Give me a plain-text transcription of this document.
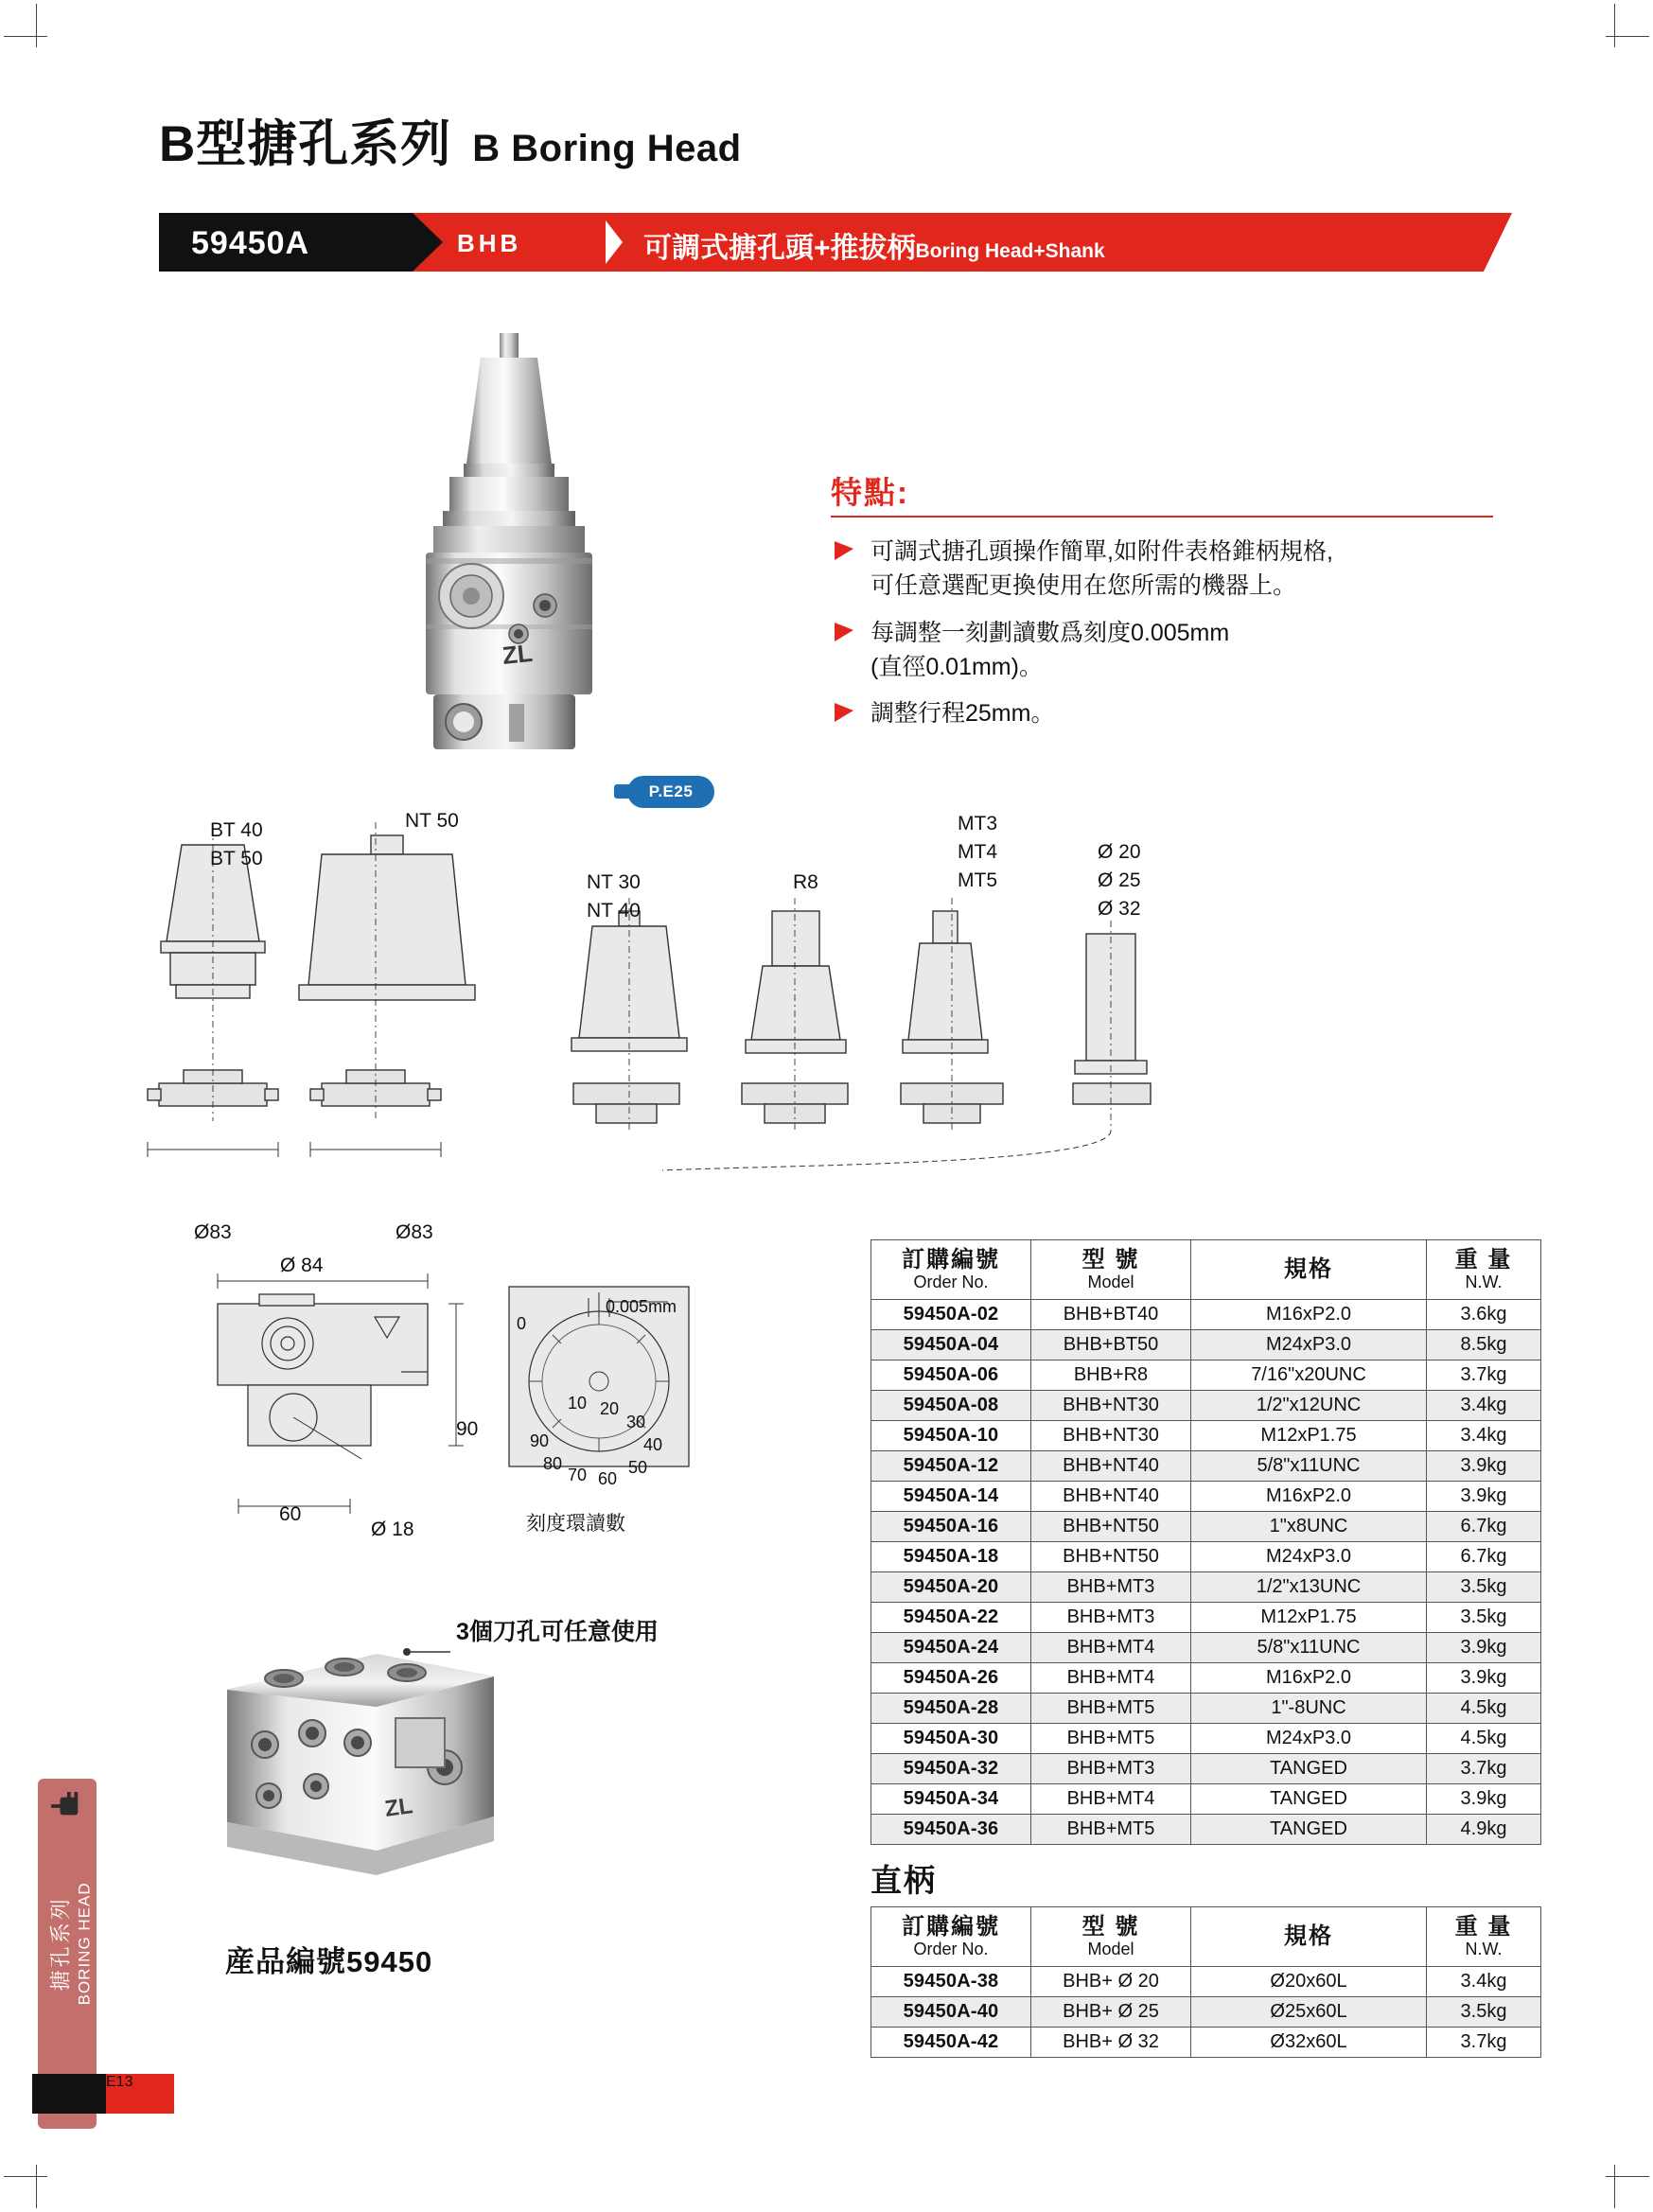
B型搪孔系列 B Boring Head
59450A	BHB	可調式搪孔頭+推拔柄Boring Head+Shank
特點:
可調式搪孔頭操作簡單,如附件表格錐柄規格,
可任意選配更換使用在您所需的機器上。
每調整一刻劃讀數爲刻度0.005mm
(直徑0.01mm)。
調整行程25mm。
ZL
BT 40
BT 50
NT 50
NT 30
NT 40
R8
MT3
MT4
MT5
Ø 20
Ø 25
Ø 32
Ø83	Ø83
P.E25
Ø 84
90
60
Ø 18
0
0.005mm
10 20
30
40
50
60
70
80
90
刻度環讀數
ZL
3個刀孔可任意使用
産品編號59450
訂購編號
Order No.	型 號
Model	規格	重 量
N.W.

59450A-02	BHB+BT40	M16xP2.0	3.6kg
59450A-04	BHB+BT50	M24xP3.0	8.5kg
59450A-06	BHB+R8	7/16"x20UNC	3.7kg
59450A-08	BHB+NT30	1/2"x12UNC	3.4kg
59450A-10	BHB+NT30	M12xP1.75	3.4kg
59450A-12	BHB+NT40	5/8"x11UNC	3.9kg
59450A-14	BHB+NT40	M16xP2.0	3.9kg
59450A-16	BHB+NT50	1"x8UNC	6.7kg
59450A-18	BHB+NT50	M24xP3.0	6.7kg
59450A-20	BHB+MT3	1/2"x13UNC	3.5kg
59450A-22	BHB+MT3	M12xP1.75	3.5kg
59450A-24	BHB+MT4	5/8"x11UNC	3.9kg
59450A-26	BHB+MT4	M16xP2.0	3.9kg
59450A-28	BHB+MT5	1"-8UNC	4.5kg
59450A-30	BHB+MT5	M24xP3.0	4.5kg
59450A-32	BHB+MT3	TANGED	3.7kg
59450A-34	BHB+MT4	TANGED	3.9kg
59450A-36	BHB+MT5	TANGED	4.9kg
直柄
訂購編號
Order No.	型 號
Model	規格	重 量
N.W.

59450A-38	BHB+ Ø 20	Ø20x60L	3.4kg
59450A-40	BHB+ Ø 25	Ø25x60L	3.5kg
59450A-42	BHB+ Ø 32	Ø32x60L	3.7kg
搪孔系列 BORING HEAD
E13
